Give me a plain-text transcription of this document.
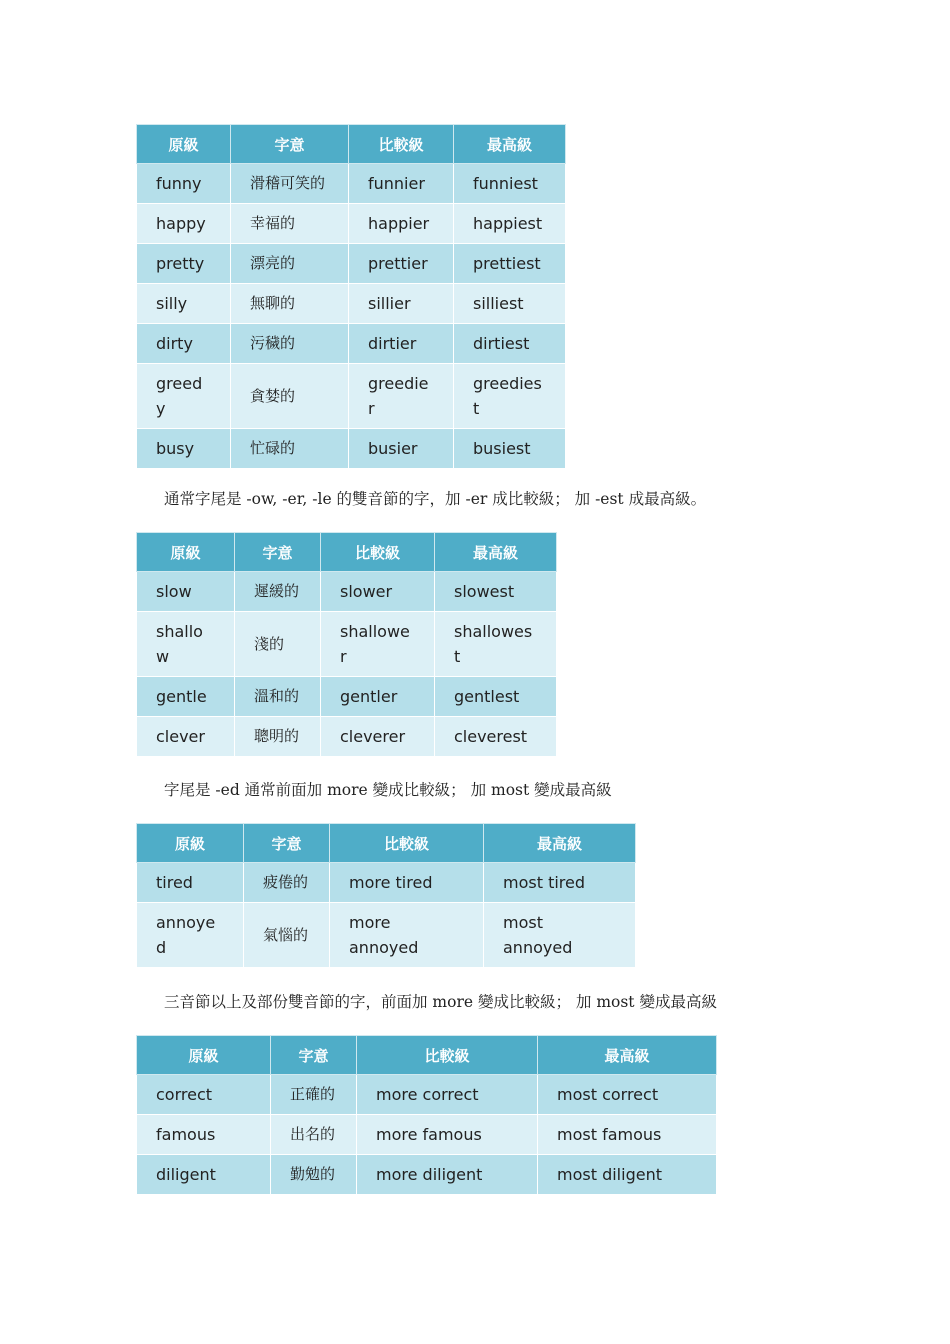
原級	字意	比較級	最高級
funny	滑稽可笑的	funnier	funniest
happy	幸福的	happier	happiest
pretty	漂亮的	prettier	prettiest
silly	無聊的	sillier	silliest
dirty	污穢的	dirtier	dirtiest
greedy	貪婪的	greedier	greediest
busy	忙碌的	busier	busiest
通常字尾是 -ow, -er, -le 的雙音節的字，加 -er 成比較級； 加 -est 成最高級。
原級	字意	比較級	最高級
slow	遲緩的	slower	slowest
shallow	淺的	shallower	shallowest
gentle	溫和的	gentler	gentlest
clever	聰明的	cleverer	cleverest
字尾是 -ed 通常前面加 more 變成比較級； 加 most 變成最高級
原級	字意	比較級	最高級
tired	疲倦的	more tired	most tired
annoyed	氣惱的	more annoyed	most annoyed
三音節以上及部份雙音節的字，前面加 more 變成比較級； 加 most 變成最高級
原級	字意	比較級	最高級
correct	正確的	more correct	most correct
famous	出名的	more famous	most famous
diligent	勤勉的	more diligent	most diligent
